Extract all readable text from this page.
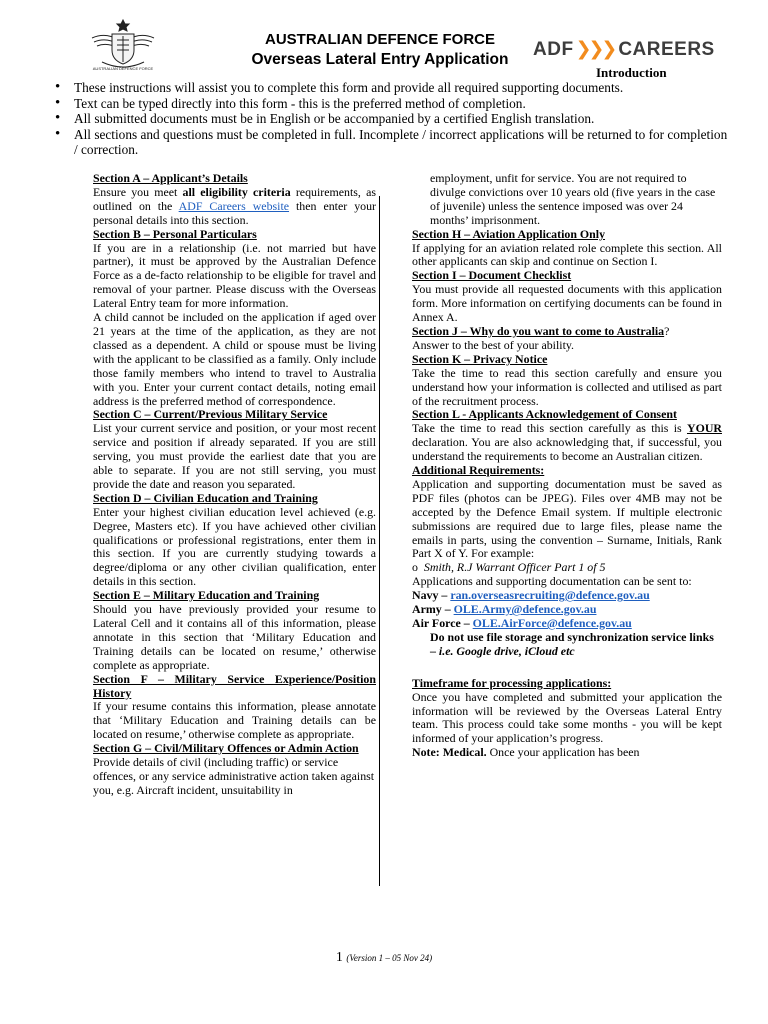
AUSTRALIAN DEFENCE FORCE
AUSTRALIAN DEFENCE FORCE
Overseas Lateral Entry Application	ADF ❯❯❯ CAREERS
Introduction
• These instructions will assist you to complete this form and provide all required supporting documents.
• Text can be typed directly into this form - this is the preferred method of completion.
• All submitted documents must be in English or be accompanied by a certified English translation.
• All sections and questions must be completed in full. Incomplete / incorrect applications will be returned to for completion / correction.

Section A – Applicant’s Details

Ensure you meet all eligibility criteria requirements, as outlined on the ADF Careers website then enter your personal details into this section.

Section B – Personal Particulars

If you are in a relationship (i.e. not married but have partner), it must be approved by the Australian Defence Force as a de-facto relationship to be eligible for travel and removal of your partner. Please discuss with the Overseas Lateral Entry team for more information.

A child cannot be included on the application if aged over 21 years at the time of the application, as they are not classed as a dependent. A child or spouse must be living with the applicant to be classified as a family. Only include those family members who intend to travel to Australia with you. Enter your current contact details, noting email address is the preferred method of correspondence.

Section C – Current/Previous Military Service

List your current service and position, or your most recent service and position if already separated. If you are still serving, you must provide the earliest date that you are able to separate. If you are not still serving, you must provide the date and reason you separated.

Section D – Civilian Education and Training

Enter your highest civilian education level achieved (e.g. Degree, Masters etc). If you have achieved other civilian qualifications or professional registrations, enter them in this section. If you are currently studying towards a degree/diploma or any other civilian qualification, enter details in this section.

Section E – Military Education and Training

Should you have previously provided your resume to Lateral Cell and it contains all of this information, please annotate in this section that ‘Military Education and Training details can be located on resume,’ otherwise complete as appropriate.

Section F – Military Service Experience/Position History

If your resume contains this information, please annotate that ‘Military Education and Training details can be located on resume,’ otherwise complete as appropriate.

Section G – Civil/Military Offences or Admin Action

Provide details of civil (including traffic) or service offences, or any service administrative action taken against you, e.g. Aircraft incident, unsuitability in

employment, unfit for service. You are not required to divulge convictions over 10 years old (five years in the case of juvenile) unless the sentence imposed was over 24 months’ imprisonment.

Section H – Aviation Application Only

If applying for an aviation related role complete this section. All other applicants can skip and continue on Section I.

Section I – Document Checklist

You must provide all requested documents with this application form. More information on certifying documents can be found in Annex A.

Section J – Why do you want to come to Australia?

Answer to the best of your ability.

Section K – Privacy Notice

Take the time to read this section carefully and ensure you understand how your information is collected and utilised as part of the recruitment process.

Section L - Applicants Acknowledgement of Consent

Take the time to read this section carefully as this is YOUR declaration. You are also acknowledging that, if successful, you understand the requirements to become an Australian citizen.

Additional Requirements:

Application and supporting documentation must be saved as PDF files (photos can be JPEG). Files over 4MB may not be accepted by the Defence Email system. If multiple electronic submissions are required due to large files, please name the emails in parts, using the convention – Surname, Initials, Rank Part X of Y. For example:

o Smith, R.J Warrant Officer Part 1 of 5

Applications and supporting documentation can be sent to:

Navy – ran.overseasrecruiting@defence.gov.au

Army – OLE.Army@defence.gov.au

Air Force – OLE.AirForce@defence.gov.au

Do not use file storage and synchronization service links – i.e. Google drive, iCloud etc

Timeframe for processing applications:

Once you have completed and submitted your application the information will be reviewed by the Overseas Lateral Entry team. This process could take some months - you will be kept informed of your application’s progress.

Note: Medical. Once your application has been

1 (Version 1 – 05 Nov 24)
